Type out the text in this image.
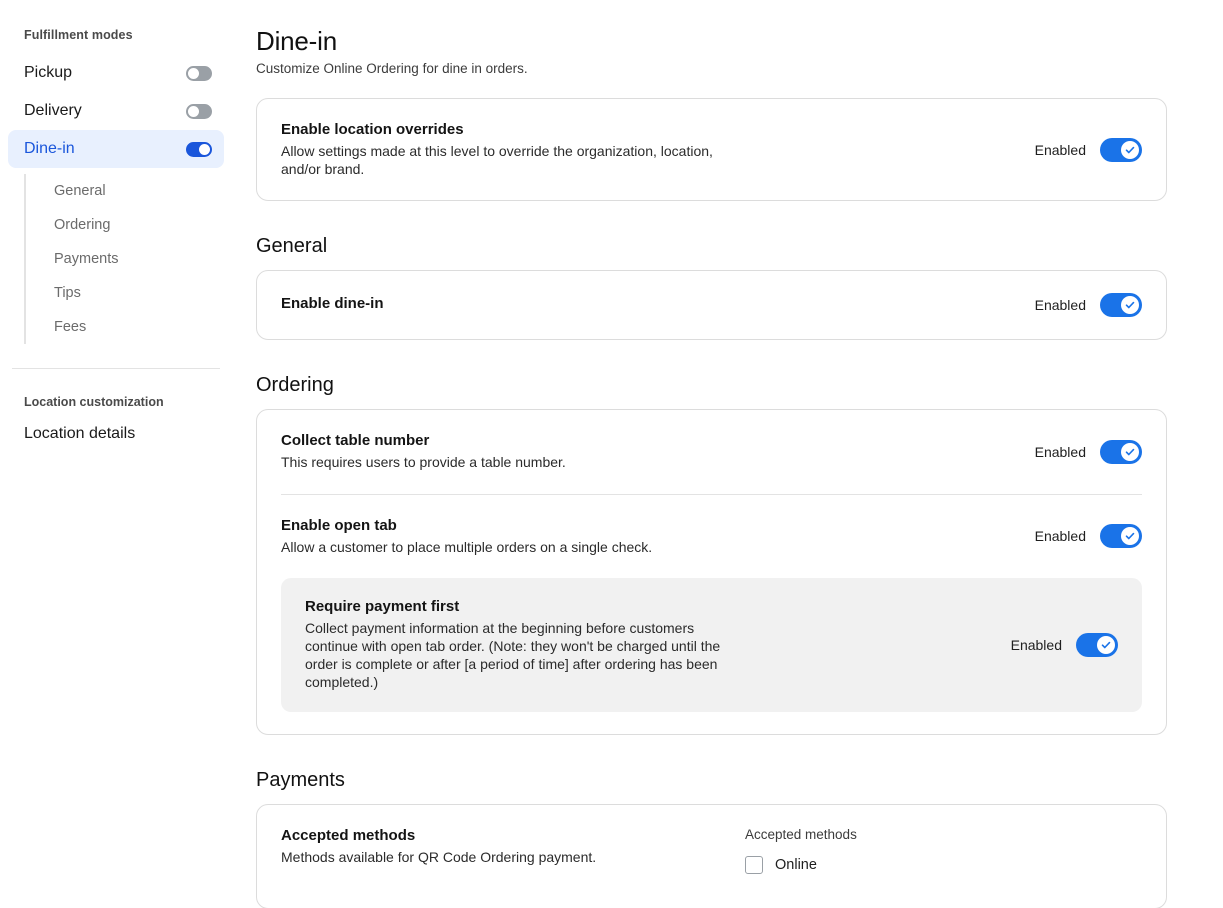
Fulfillment modes
Pickup
Delivery
Dine-in
General
Ordering
Payments
Tips
Fees
Location customization
Location details
Dine-in
Customize Online Ordering for dine in orders.
Enable location overrides
Allow settings made at this level to override the organization, location, and/or brand.
Enabled
General
Enable dine-in	Enabled
Ordering
Collect table number
This requires users to provide a table number.
Enabled
Enable open tab
Allow a customer to place multiple orders on a single check.
Enabled
Require payment first
Collect payment information at the beginning before customers continue with open tab order. (Note: they won't be charged until the order is complete or after [a period of time] after ordering has been completed.)
Enabled
Payments
Accepted methods
Methods available for QR Code Ordering payment.
Accepted methods
Online
